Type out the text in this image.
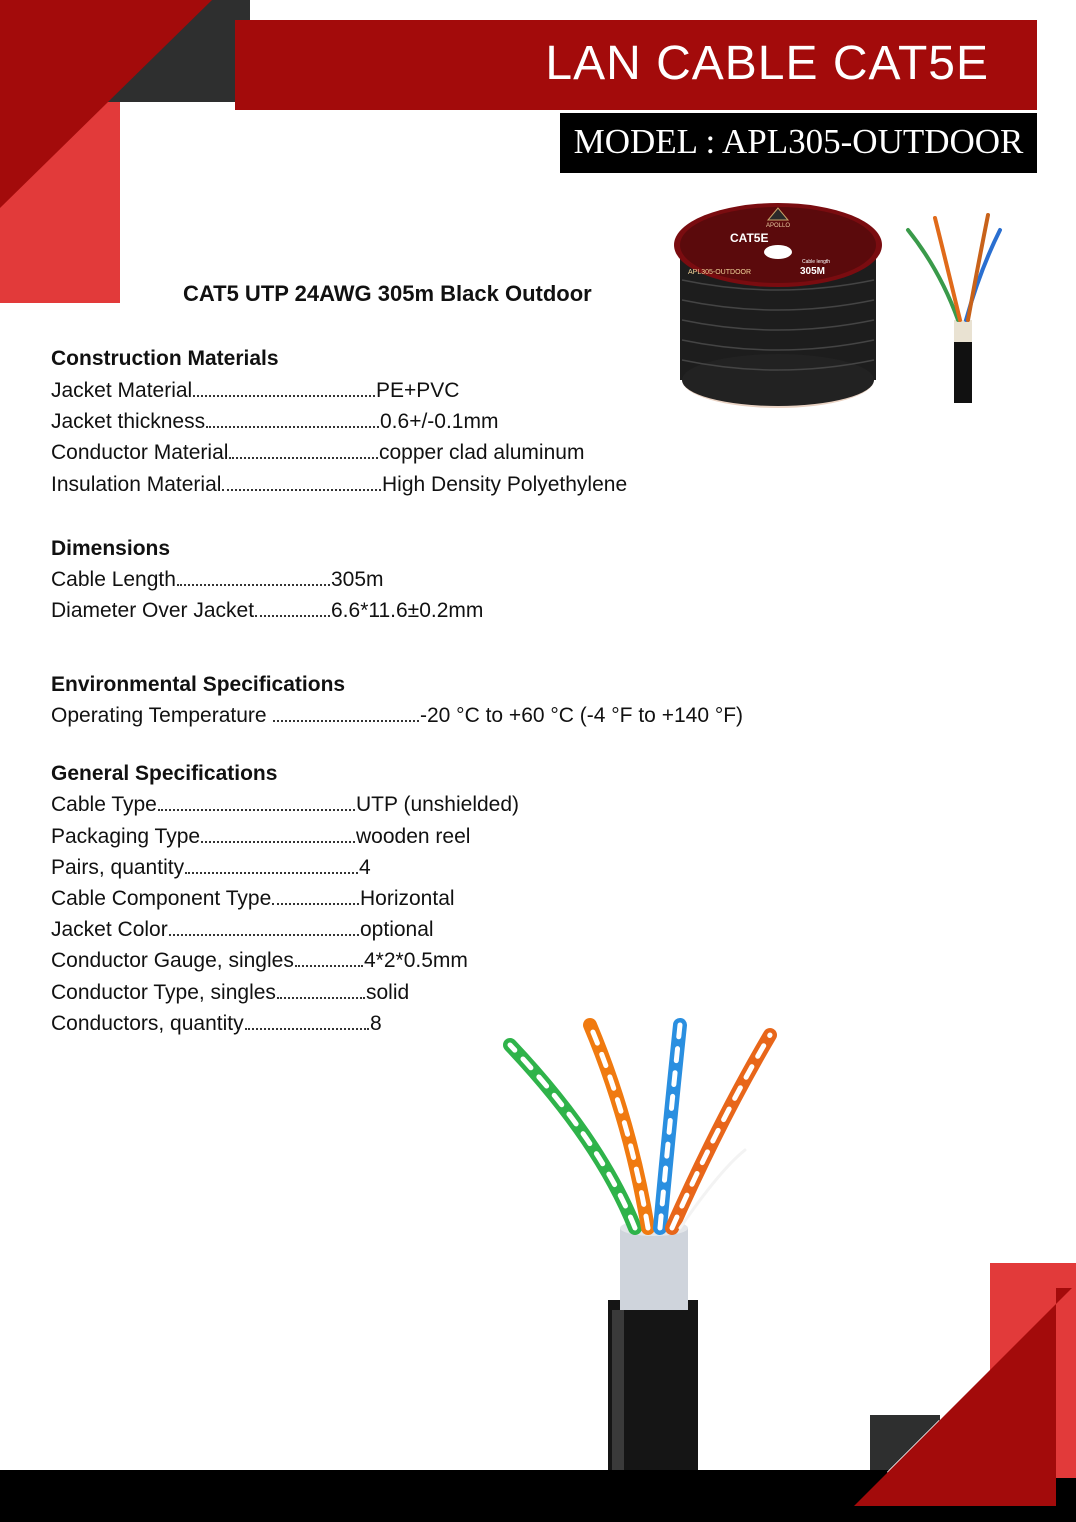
LAN CABLE CAT5E
MODEL : APL305-OUTDOOR
APOLLO
CAT5E
APL305-OUTDOOR
Cable length
305M
CAT5 UTP 24AWG 305m Black Outdoor
Construction Materials
Jacket Material	PE+PVC
Jacket thickness	0.6+/-0.1mm
Conductor Material	copper clad aluminum
Insulation Material	High Density Polyethylene
Dimensions
Cable Length	305m
Diameter Over Jacket	6.6*11.6±0.2mm
Environmental Specifications
Operating Temperature
	-20 °C to +60 °C (-4 °F to +140 °F)
General Specifications
Cable Type	UTP (unshielded)
Packaging Type	wooden reel
Pairs, quantity	4
Cable Component Type	Horizontal
Jacket Color	optional
Conductor Gauge, singles	4*2*0.5mm
Conductor Type, singles	solid
Conductors, quantity	8
